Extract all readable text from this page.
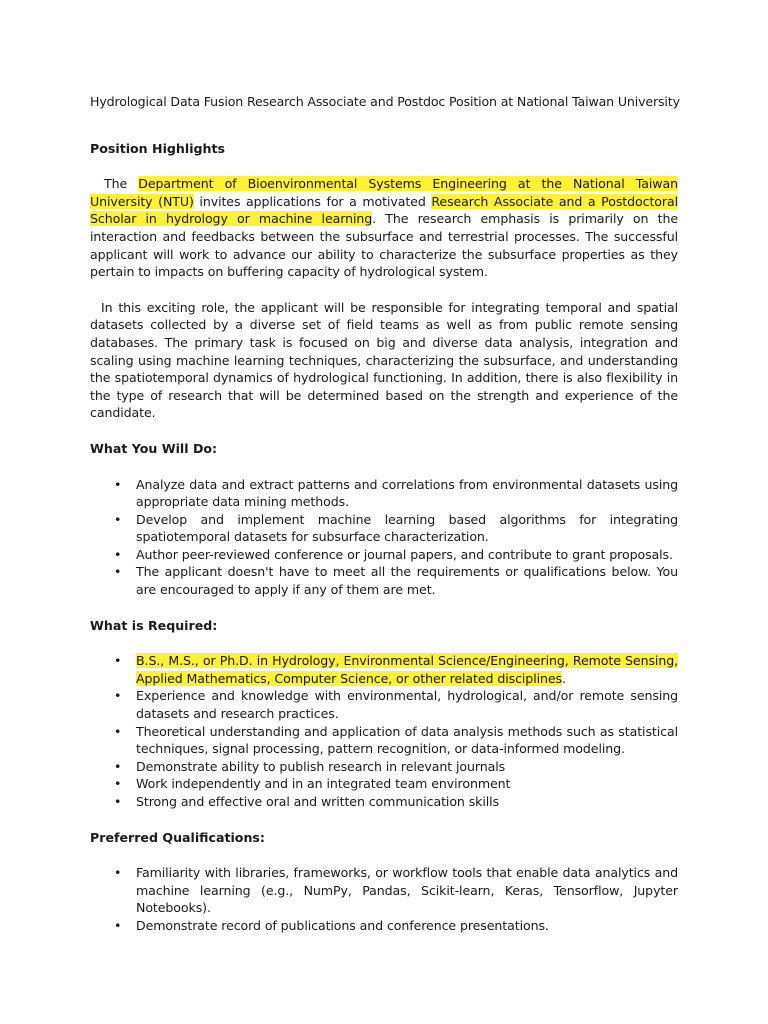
Hydrological Data Fusion Research Associate and Postdoc Position at National Taiwan University
Position Highlights

The Department of Bioenvironmental Systems Engineering at the National Taiwan University (NTU) invites applications for a motivated Research Associate and a Postdoctoral Scholar in hydrology or machine learning. The research emphasis is primarily on the interaction and feedbacks between the subsurface and terrestrial processes. The successful applicant will work to advance our ability to characterize the subsurface properties as they pertain to impacts on buffering capacity of hydrological system.

In this exciting role, the applicant will be responsible for integrating temporal and spatial datasets collected by a diverse set of field teams as well as from public remote sensing databases. The primary task is focused on big and diverse data analysis, integration and scaling using machine learning techniques, characterizing the subsurface, and understanding the spatiotemporal dynamics of hydrological functioning. In addition, there is also flexibility in the type of research that will be determined based on the strength and experience of the candidate.

What You Will Do:
• Analyze data and extract patterns and correlations from environmental datasets using appropriate data mining methods.
• Develop and implement machine learning based algorithms for integrating spatiotemporal datasets for subsurface characterization.
• Author peer-reviewed conference or journal papers, and contribute to grant proposals.
• The applicant doesn't have to meet all the requirements or qualifications below. You are encouraged to apply if any of them are met.
What is Required:
• B.S., M.S., or Ph.D. in Hydrology, Environmental Science/Engineering, Remote Sensing, Applied Mathematics, Computer Science, or other related disciplines.
• Experience and knowledge with environmental, hydrological, and/or remote sensing datasets and research practices.
• Theoretical understanding and application of data analysis methods such as statistical techniques, signal processing, pattern recognition, or data-informed modeling.
• Demonstrate ability to publish research in relevant journals
• Work independently and in an integrated team environment
• Strong and effective oral and written communication skills
Preferred Qualifications:
• Familiarity with libraries, frameworks, or workflow tools that enable data analytics and machine learning (e.g., NumPy, Pandas, Scikit-learn, Keras, Tensorflow, Jupyter Notebooks).
• Demonstrate record of publications and conference presentations.
